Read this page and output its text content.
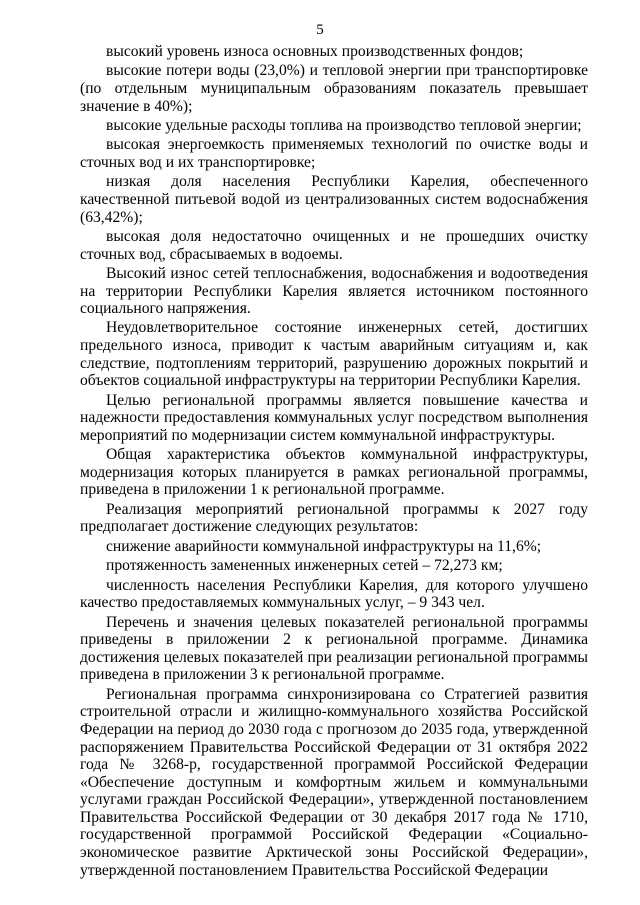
5

высокий уровень износа основных производственных фондов;

высокие потери воды (23,0%) и тепловой энергии при транспортировке (по отдельным муниципальным образованиям показатель превышает значение в 40%);

высокие удельные расходы топлива на производство тепловой энергии;

высокая энергоемкость применяемых технологий по очистке воды и сточных вод и их транспортировке;

низкая доля населения Республики Карелия, обеспеченного качественной питьевой водой из централизованных систем водоснабжения (63,42%);

высокая доля недостаточно очищенных и не прошедших очистку сточных вод, сбрасываемых в водоемы.

Высокий износ сетей теплоснабжения, водоснабжения и водоотведения на территории Республики Карелия является источником постоянного социального напряжения.

Неудовлетворительное состояние инженерных сетей, достигших предельного износа, приводит к частым аварийным ситуациям и, как следствие, подтоплениям территорий, разрушению дорожных покрытий и объектов социальной инфраструктуры на территории Республики Карелия.

Целью региональной программы является повышение качества и надежности предоставления коммунальных услуг посредством выполнения мероприятий по модернизации систем коммунальной инфраструктуры.

Общая характеристика объектов коммунальной инфраструктуры, модернизация которых планируется в рамках региональной программы, приведена в приложении 1 к региональной программе.

Реализация мероприятий региональной программы к 2027 году предполагает достижение следующих результатов:

снижение аварийности коммунальной инфраструктуры на 11,6%;

протяженность замененных инженерных сетей – 72,273 км;

численность населения Республики Карелия, для которого улучшено качество предоставляемых коммунальных услуг, – 9 343 чел.

Перечень и значения целевых показателей региональной программы приведены в приложении 2 к региональной программе. Динамика достижения целевых показателей при реализации региональной программы приведена в приложении 3 к региональной программе.

Региональная программа синхронизирована со Стратегией развития строительной отрасли и жилищно-коммунального хозяйства Российской Федерации на период до 2030 года с прогнозом до 2035 года, утвержденной распоряжением Правительства Российской Федерации от 31 октября 2022 года № 3268-р, государственной программой Российской Федерации «Обеспечение доступным и комфортным жильем и коммунальными услугами граждан Российской Федерации», утвержденной постановлением Правительства Российской Федерации от 30 декабря 2017 года № 1710, государственной программой Российской Федерации «Социально-экономическое развитие Арктической зоны Российской Федерации», утвержденной постановлением Правительства Российской Федерации
